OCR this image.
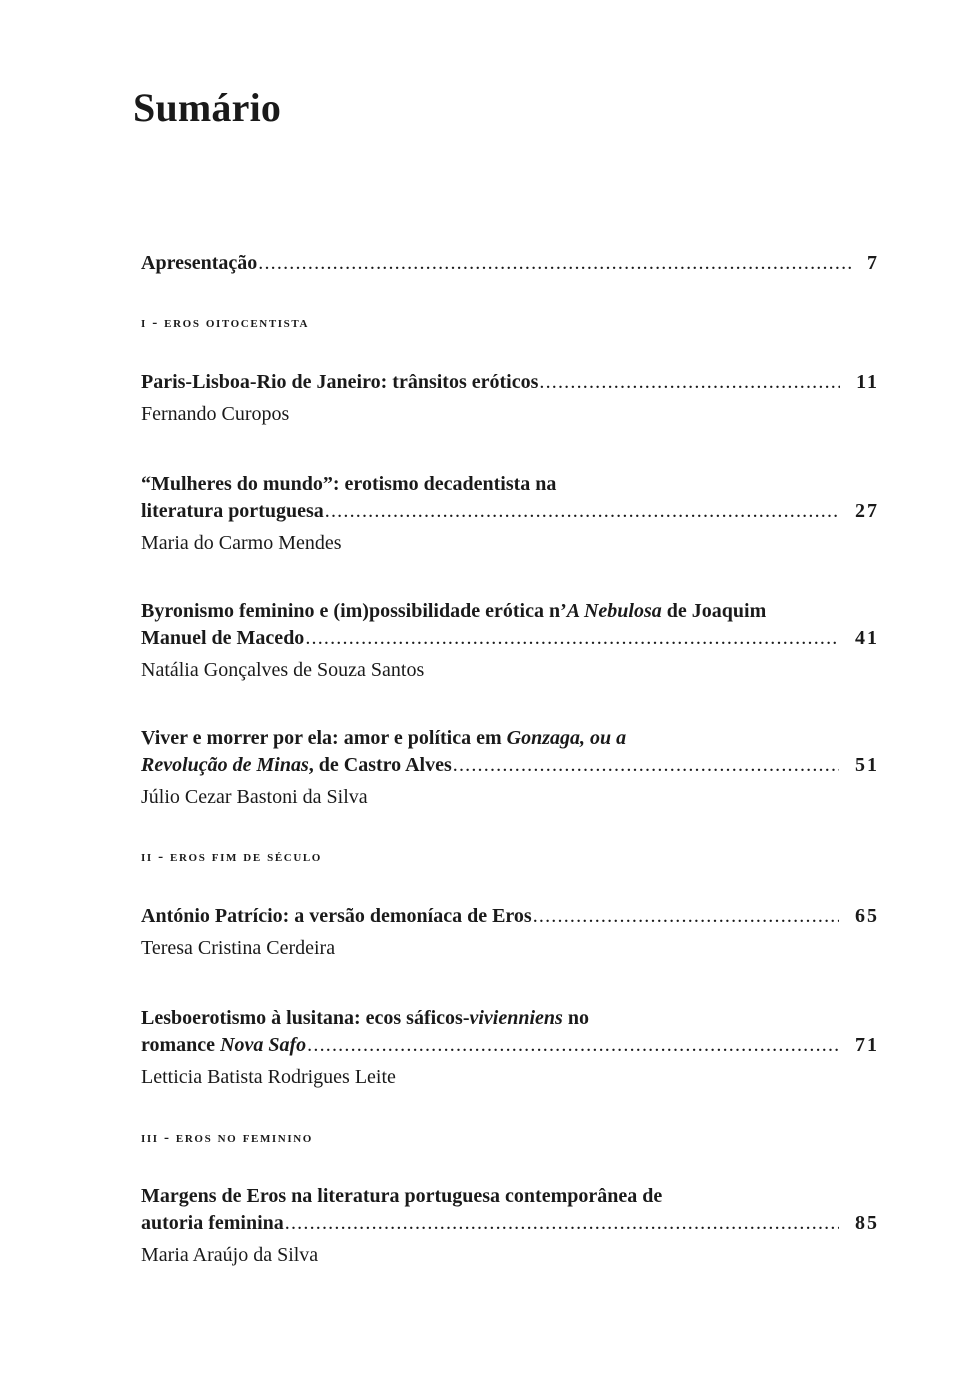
Sumário
Apresentação .....	7
i - eros oitocentista
Paris-Lisboa-Rio de Janeiro: trânsitos eróticos .....	11
Fernando Curopos
“Mulheres do mundo”: erotismo decadentista na
literatura portuguesa .....	27
Maria do Carmo Mendes
Byronismo feminino e (im)possibilidade erótica n’A Nebulosa de Joaquim
Manuel de Macedo .....	41
Natália Gonçalves de Souza Santos
Viver e morrer por ela: amor e política em Gonzaga, ou a
Revolução de Minas, de Castro Alves .....	51
Júlio Cezar Bastoni da Silva
ii - eros fim de século
António Patrício: a versão demoníaca de Eros .....	65
Teresa Cristina Cerdeira
Lesboerotismo à lusitana: ecos sáficos-vivienniens no
romance Nova Safo .....	71
Letticia Batista Rodrigues Leite
iii - eros no feminino
Margens de Eros na literatura portuguesa contemporânea de
autoria feminina .....	85
Maria Araújo da Silva
